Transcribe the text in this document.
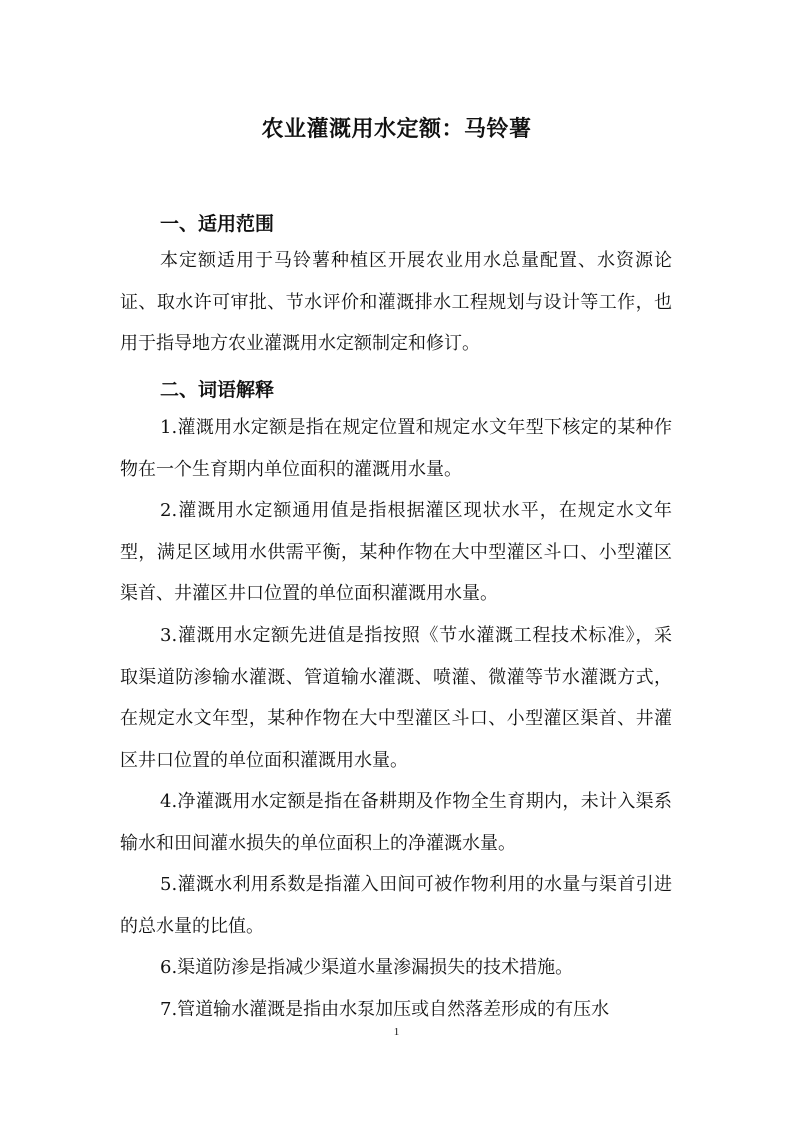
农业灌溉用水定额：马铃薯
一、适用范围

本定额适用于马铃薯种植区开展农业用水总量配置、水资源论证、取水许可审批、节水评价和灌溉排水工程规划与设计等工作，也用于指导地方农业灌溉用水定额制定和修订。

二、词语解释

1.灌溉用水定额是指在规定位置和规定水文年型下核定的某种作物在一个生育期内单位面积的灌溉用水量。

2.灌溉用水定额通用值是指根据灌区现状水平，在规定水文年型，满足区域用水供需平衡，某种作物在大中型灌区斗口、小型灌区渠首、井灌区井口位置的单位面积灌溉用水量。

3.灌溉用水定额先进值是指按照《节水灌溉工程技术标准》，采取渠道防渗输水灌溉、管道输水灌溉、喷灌、微灌等节水灌溉方式，在规定水文年型，某种作物在大中型灌区斗口、小型灌区渠首、井灌区井口位置的单位面积灌溉用水量。

4.净灌溉用水定额是指在备耕期及作物全生育期内，未计入渠系输水和田间灌水损失的单位面积上的净灌溉水量。

5.灌溉水利用系数是指灌入田间可被作物利用的水量与渠首引进的总水量的比值。

6.渠道防渗是指减少渠道水量渗漏损失的技术措施。

7.管道输水灌溉是指由水泵加压或自然落差形成的有压水

1
